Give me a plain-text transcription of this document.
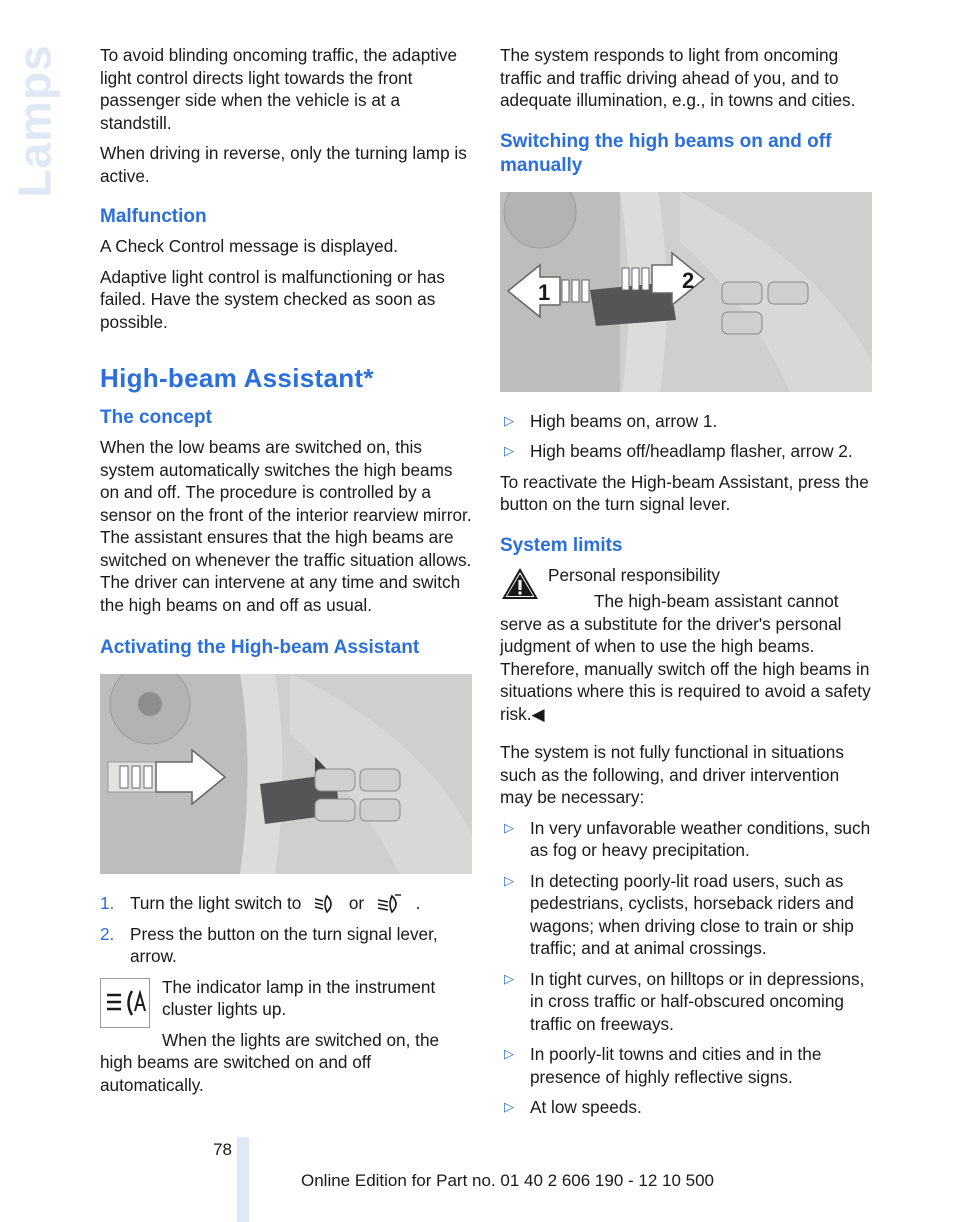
Lamps To avoid blinding oncoming traffic, the adaptive light control directs light towards the front passenger side when the vehicle is at a standstill.

When driving in reverse, only the turning lamp is active.

Malfunction

A Check Control message is displayed.

Adaptive light control is malfunctioning or has failed. Have the system checked as soon as possible.

High-beam Assistant*
The concept

When the low beams are switched on, this system automatically switches the high beams on and off. The procedure is controlled by a sensor on the front of the interior rearview mirror. The assistant ensures that the high beams are switched on whenever the traffic situation allows. The driver can intervene at any time and switch the high beams on and off as usual.

Activating the High-beam Assistant
1. Turn the light switch to	or	.
2. Press the button on the turn signal lever, arrow.

The indicator lamp in the instrument cluster lights up.

When the lights are switched on, the high beams are switched on and off automatically.

The system responds to light from oncoming traffic and traffic driving ahead of you, and to adequate illumination, e.g., in towns and cities.

Switching the high beams on and off manually
1	2
▷ High beams on, arrow 1.
▷ High beams off/headlamp flasher, arrow 2.

To reactivate the High-beam Assistant, press the button on the turn signal lever.

System limits

Personal responsibility

The high-beam assistant cannot serve as a substitute for the driver's personal judgment of when to use the high beams. Therefore, manually switch off the high beams in situations where this is required to avoid a safety risk.◀

The system is not fully functional in situations such as the following, and driver intervention may be necessary:

▷ In very unfavorable weather conditions, such as fog or heavy precipitation.
▷ In detecting poorly-lit road users, such as pedestrians, cyclists, horseback riders and wagons; when driving close to train or ship traffic; and at animal crossings.
▷ In tight curves, on hilltops or in depressions, in cross traffic or half-obscured oncoming traffic on freeways.
▷ In poorly-lit towns and cities and in the presence of highly reflective signs.
▷ At low speeds.
78
Online Edition for Part no. 01 40 2 606 190 - 12 10 500
